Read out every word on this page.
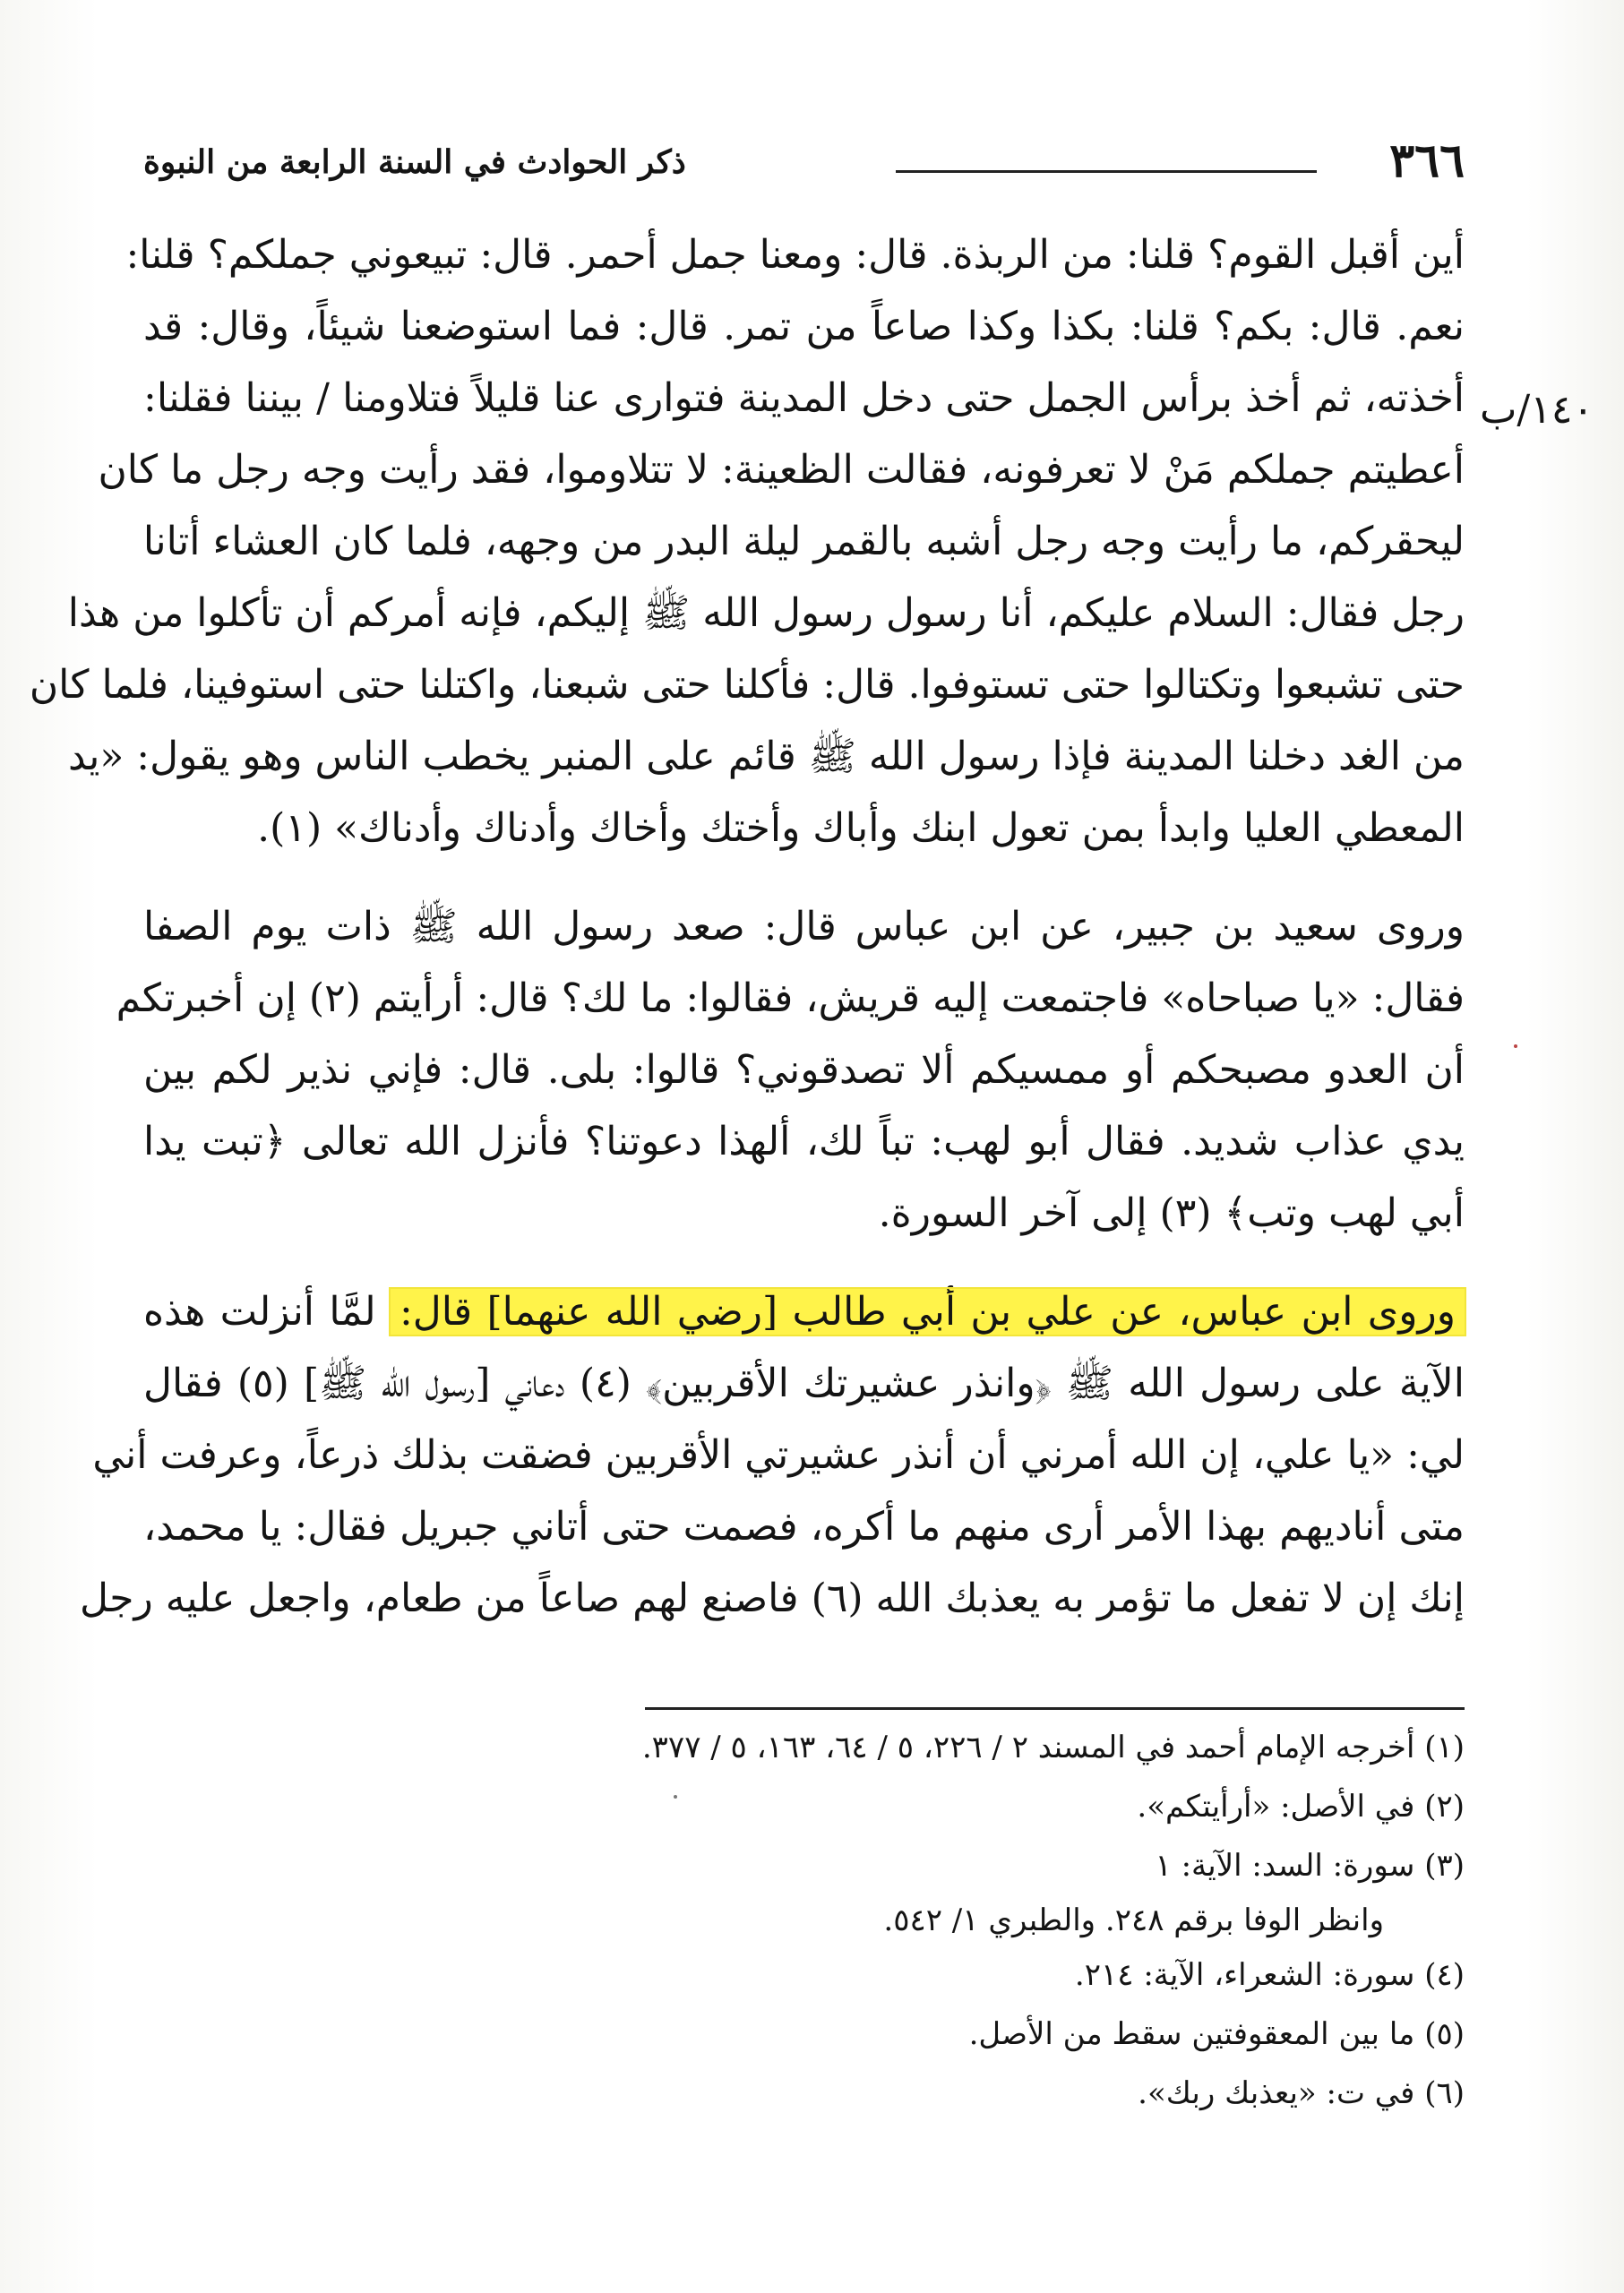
٣٦٦
ذكر الحوادث في السنة الرابعة من النبوة
١٤٠/ب
أين أقبل القوم؟ قلنا: من الربذة. قال: ومعنا جمل أحمر. قال: تبيعوني جملكم؟ قلنا:
نعم. قال: بكم؟ قلنا: بكذا وكذا صاعاً من تمر. قال: فما استوضعنا شيئاً، وقال: قد
أخذته، ثم أخذ برأس الجمل حتى دخل المدينة فتوارى عنا قليلاً فتلاومنا / بيننا فقلنا:
أعطيتم جملكم مَنْ لا تعرفونه، فقالت الظعينة: لا تتلاوموا، فقد رأيت وجه رجل ما كان
ليحقركم، ما رأيت وجه رجل أشبه بالقمر ليلة البدر من وجهه، فلما كان العشاء أتانا
رجل فقال: السلام عليكم، أنا رسول رسول الله ﷺ إليكم، فإنه أمركم أن تأكلوا من هذا
حتى تشبعوا وتكتالوا حتى تستوفوا. قال: فأكلنا حتى شبعنا، واكتلنا حتى استوفينا، فلما كان
من الغد دخلنا المدينة فإذا رسول الله ﷺ قائم على المنبر يخطب الناس وهو يقول: «يد
المعطي العليا وابدأ بمن تعول ابنك وأباك وأختك وأخاك وأدناك وأدناك» (١).
وروى سعيد بن جبير، عن ابن عباس قال: صعد رسول الله ﷺ ذات يوم الصفا
فقال: «يا صباحاه» فاجتمعت إليه قريش، فقالوا: ما لك؟ قال: أرأيتم (٢) إن أخبرتكم
أن العدو مصبحكم أو ممسيكم ألا تصدقوني؟ قالوا: بلى. قال: فإني نذير لكم بين
يدي عذاب شديد. فقال أبو لهب: تباً لك، ألهذا دعوتنا؟ فأنزل الله تعالى ﴿تبت يدا
أبي لهب وتب﴾ (٣) إلى آخر السورة.
وروى ابن عباس، عن علي بن أبي طالب [رضي الله عنهما] قال: لمَّا أنزلت هذه
الآية على رسول الله ﷺ ﴿وانذر عشيرتك الأقربين﴾ (٤) دعاني [رسول الله ﷺ] (٥) فقال
لي: «يا علي، إن الله أمرني أن أنذر عشيرتي الأقربين فضقت بذلك ذرعاً، وعرفت أني
متى أناديهم بهذا الأمر أرى منهم ما أكره، فصمت حتى أتاني جبريل فقال: يا محمد،
إنك إن لا تفعل ما تؤمر به يعذبك الله (٦) فاصنع لهم صاعاً من طعام، واجعل عليه رجل
(١) أخرجه الإمام أحمد في المسند ٢ / ٢٢٦، ٥ / ٦٤، ١٦٣، ٥ / ٣٧٧.
(٢) في الأصل: «أرأيتكم».
(٣) سورة: السد: الآية: ١
وانظر الوفا برقم ٢٤٨. والطبري ١/ ٥٤٢.
(٤) سورة: الشعراء، الآية: ٢١٤.
(٥) ما بين المعقوفتين سقط من الأصل.
(٦) في ت: «يعذبك ربك».
